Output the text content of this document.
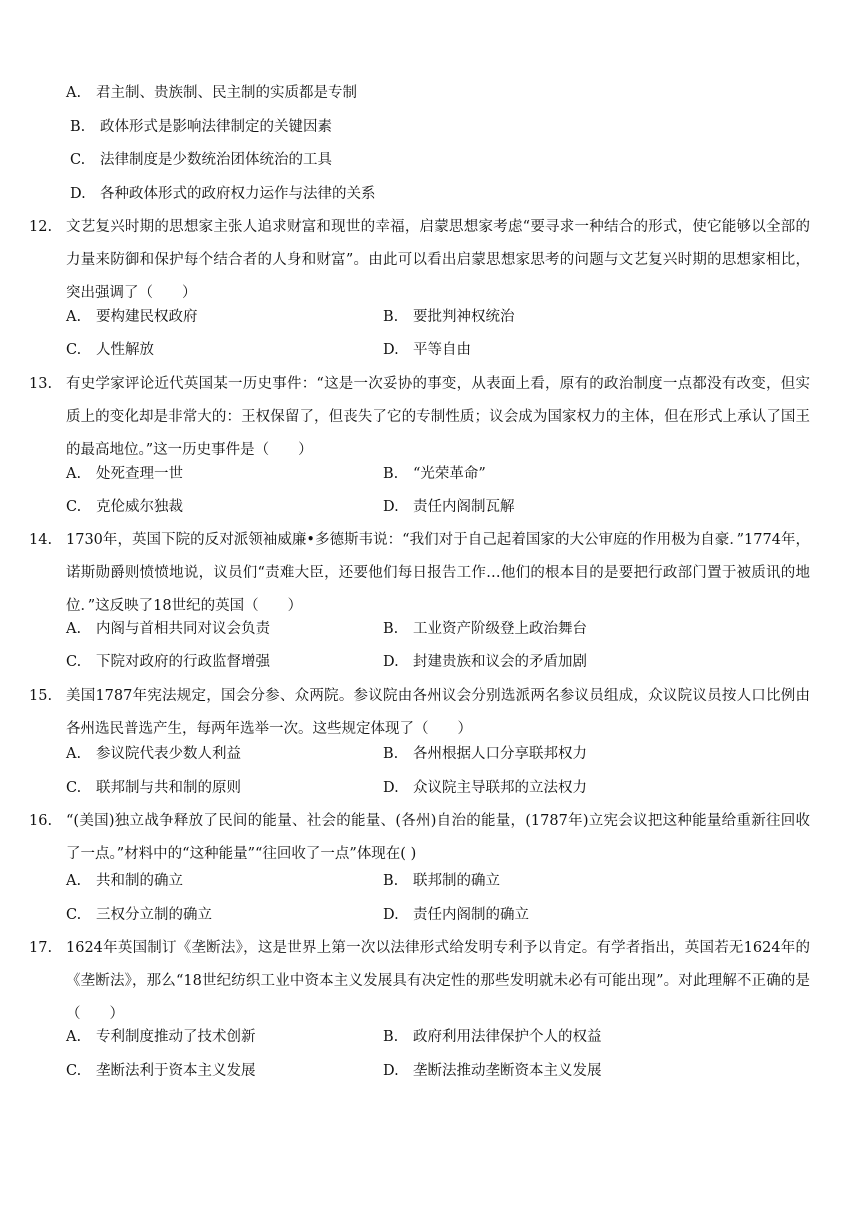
A. 君主制、贵族制、民主制的实质都是专制
B. 政体形式是影响法律制定的关键因素
C. 法律制度是少数统治团体统治的工具
D. 各种政体形式的政府权力运作与法律的关系
12. 文艺复兴时期的思想家主张人追求财富和现世的幸福，启蒙思想家考虑“要寻求一种结合的形式，使它能够以全部的力量来防御和保护每个结合者的人身和财富”。由此可以看出启蒙思想家思考的问题与文艺复兴时期的思想家相比，突出强调了（　　）
A. 要构建民权政府	B. 要批判神权统治
C. 人性解放	D. 平等自由
13. 有史学家评论近代英国某一历史事件：“这是一次妥协的事变，从表面上看，原有的政治制度一点都没有改变，但实质上的变化却是非常大的：王权保留了，但丧失了它的专制性质；议会成为国家权力的主体，但在形式上承认了国王的最高地位。”这一历史事件是（　　）
A. 处死查理一世	B. “光荣革命”
C. 克伦威尔独裁	D. 责任内阁制瓦解
14. 1730年，英国下院的反对派领袖威廉•多德斯韦说：“我们对于自己起着国家的大公审庭的作用极为自豪．”1774年，诺斯勋爵则愤愤地说，议员们“责难大臣，还要他们每日报告工作…他们的根本目的是要把行政部门置于被质讯的地位．”这反映了18世纪的英国（　　）
A. 内阁与首相共同对议会负责	B. 工业资产阶级登上政治舞台
C. 下院对政府的行政监督增强	D. 封建贵族和议会的矛盾加剧
15. 美国1787年宪法规定，国会分参、众两院。参议院由各州议会分别选派两名参议员组成，众议院议员按人口比例由各州选民普选产生，每两年选举一次。这些规定体现了（　　）
A. 参议院代表少数人利益	B. 各州根据人口分享联邦权力
C. 联邦制与共和制的原则	D. 众议院主导联邦的立法权力
16. “(美国)独立战争释放了民间的能量、社会的能量、(各州)自治的能量，(1787年)立宪会议把这种能量给重新往回收了一点。”材料中的“这种能量”“往回收了一点”体现在( )
A. 共和制的确立	B. 联邦制的确立
C. 三权分立制的确立	D. 责任内阁制的确立
17. 1624年英国制订《垄断法》，这是世界上第一次以法律形式给发明专利予以肯定。有学者指出，英国若无1624年的《垄断法》，那么“18世纪纺织工业中资本主义发展具有决定性的那些发明就未必有可能出现”。对此理解不正确的是（　　）
A. 专利制度推动了技术创新	B. 政府利用法律保护个人的权益
C. 垄断法利于资本主义发展	D. 垄断法推动垄断资本主义发展
